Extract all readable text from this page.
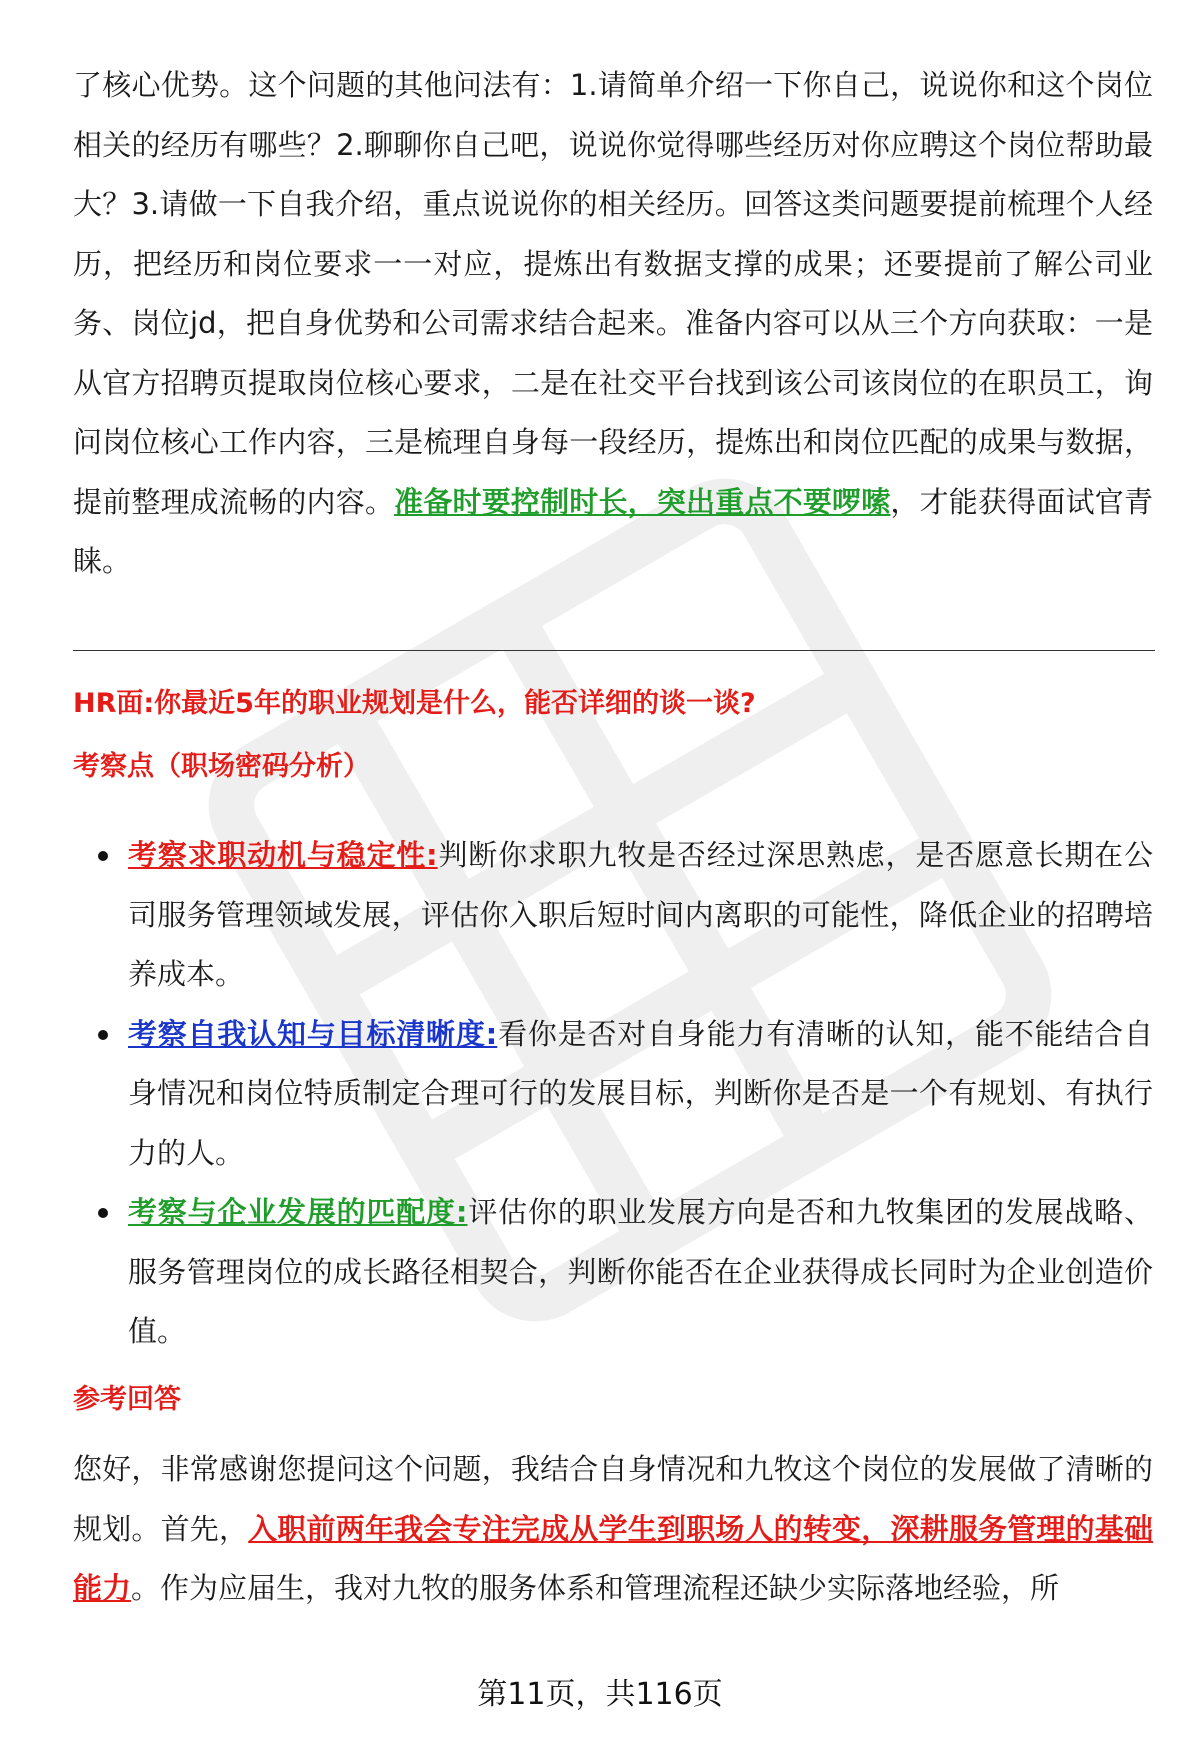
了核心优势。这个问题的其他问法有：1.请简单介绍一下你自己，说说你和这个岗位相关的经历有哪些？2.聊聊你自己吧，说说你觉得哪些经历对你应聘这个岗位帮助最大？3.请做一下自我介绍，重点说说你的相关经历。回答这类问题要提前梳理个人经历，把经历和岗位要求一一对应，提炼出有数据支撑的成果；还要提前了解公司业务、岗位jd，把自身优势和公司需求结合起来。准备内容可以从三个方向获取：一是从官方招聘页提取岗位核心要求，二是在社交平台找到该公司该岗位的在职员工，询问岗位核心工作内容，三是梳理自身每一段经历，提炼出和岗位匹配的成果与数据，提前整理成流畅的内容。准备时要控制时长，突出重点不要啰嗦，才能获得面试官青睐。

HR面:你最近5年的职业规划是什么，能否详细的谈一谈?
考察点（职场密码分析）
考察求职动机与稳定性:判断你求职九牧是否经过深思熟虑，是否愿意长期在公司服务管理领域发展，评估你入职后短时间内离职的可能性，降低企业的招聘培养成本。
考察自我认知与目标清晰度:看你是否对自身能力有清晰的认知，能不能结合自身情况和岗位特质制定合理可行的发展目标，判断你是否是一个有规划、有执行力的人。
考察与企业发展的匹配度:评估你的职业发展方向是否和九牧集团的发展战略、服务管理岗位的成长路径相契合，判断你能否在企业获得成长同时为企业创造价值。
参考回答

您好，非常感谢您提问这个问题，我结合自身情况和九牧这个岗位的发展做了清晰的规划。首先，入职前两年我会专注完成从学生到职场人的转变，深耕服务管理的基础能力。作为应届生，我对九牧的服务体系和管理流程还缺少实际落地经验，所

第11页，共116页
